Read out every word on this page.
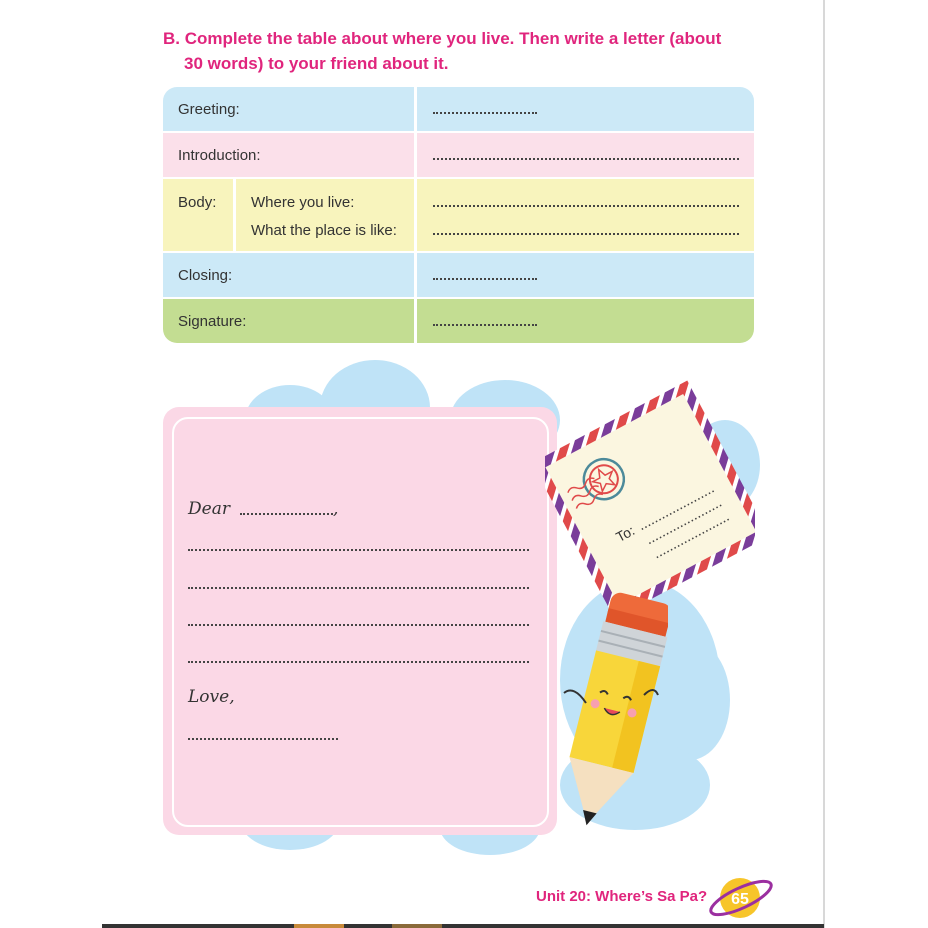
B. Complete the table about where you live. Then write a letter (about
30 words) to your friend about it.
Greeting:
Introduction:
Body: Where you live:
What the place is like:
Closing:
Signature:
Dear	,
Love,
To:
Unit 20: Where’s Sa Pa? 65
